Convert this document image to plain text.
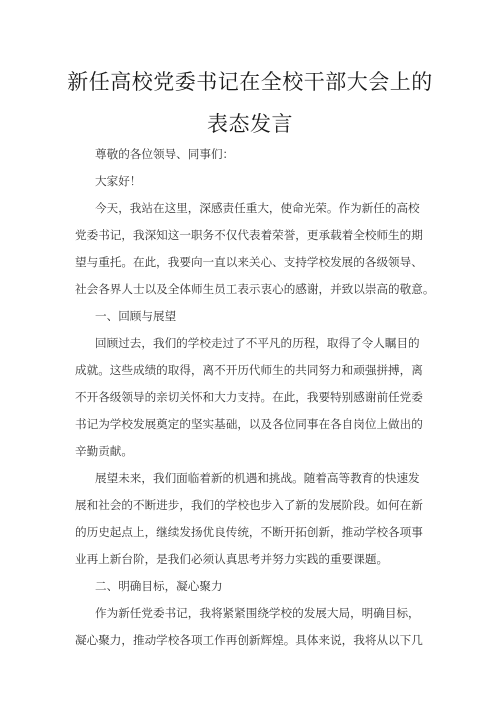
新任高校党委书记在全校干部大会上的
表态发言
尊敬的各位领导、同事们：
大家好！
今天，我站在这里，深感责任重大，使命光荣。作为新任的高校
党委书记，我深知这一职务不仅代表着荣誉，更承载着全校师生的期
望与重托。在此，我要向一直以来关心、支持学校发展的各级领导、
社会各界人士以及全体师生员工表示衷心的感谢，并致以崇高的敬意。
一、回顾与展望
回顾过去，我们的学校走过了不平凡的历程，取得了令人瞩目的
成就。这些成绩的取得，离不开历代师生的共同努力和顽强拼搏，离
不开各级领导的亲切关怀和大力支持。在此，我要特别感谢前任党委
书记为学校发展奠定的坚实基础，以及各位同事在各自岗位上做出的
辛勤贡献。
展望未来，我们面临着新的机遇和挑战。随着高等教育的快速发
展和社会的不断进步，我们的学校也步入了新的发展阶段。如何在新
的历史起点上，继续发扬优良传统，不断开拓创新，推动学校各项事
业再上新台阶，是我们必须认真思考并努力实践的重要课题。
二、明确目标，凝心聚力
作为新任党委书记，我将紧紧围绕学校的发展大局，明确目标，
凝心聚力，推动学校各项工作再创新辉煌。具体来说，我将从以下几
